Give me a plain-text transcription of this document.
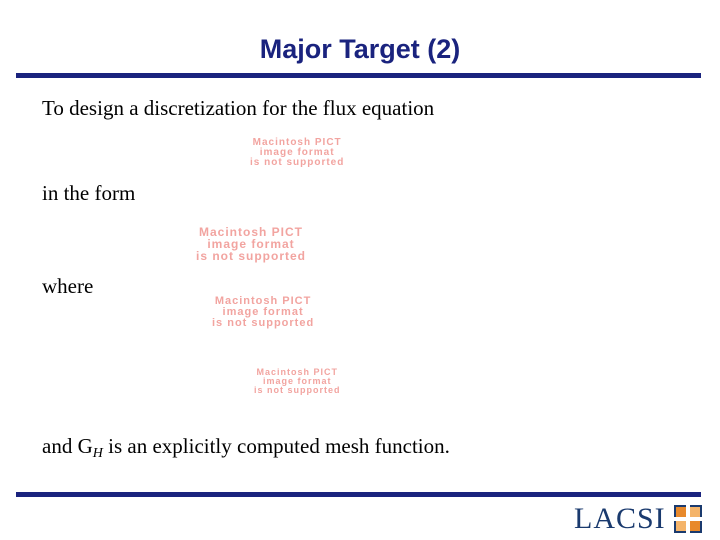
Major Target (2)
To design a discretization for the flux equation
Macintosh PICT
image format
is not supported
in the form
Macintosh PICT
image format
is not supported
where
Macintosh PICT
image format
is not supported
Macintosh PICT
image format
is not supported
and $G_H$ is an explicitly computed mesh function.
LACSI
